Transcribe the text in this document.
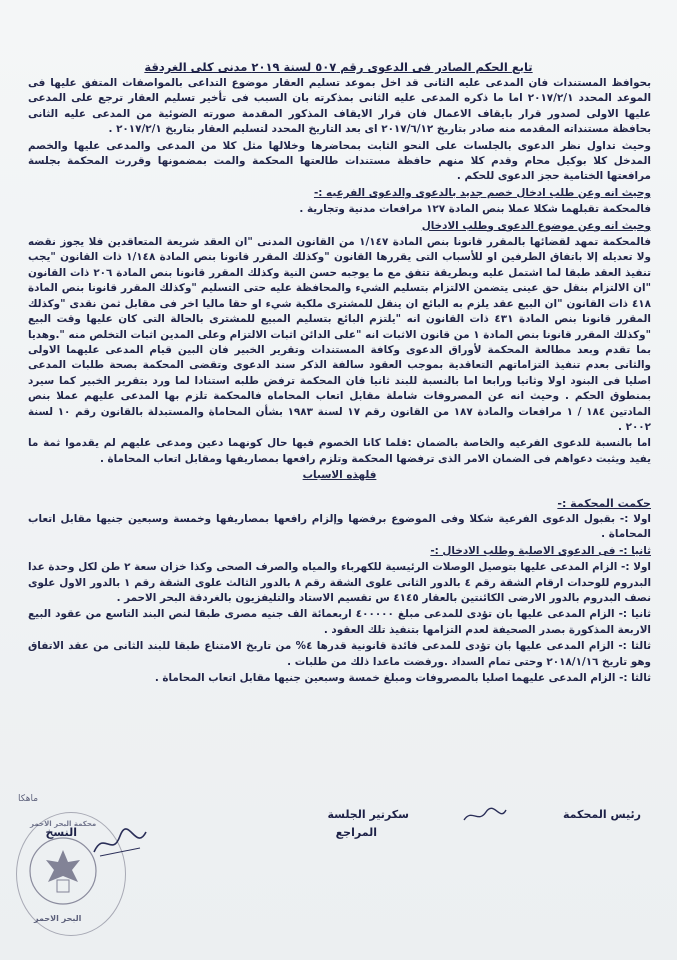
تابع الحكم الصادر فى الدعوى رقم ٥٠٧ لسنة ٢٠١٩ مدنى كلى الغردقة

بحوافظ المستندات فان المدعى عليه الثانى قد اخل بموعد تسليم العقار موضوع التداعى بالمواصفات المتفق عليها فى الموعد المحدد ٢٠١٧/٢/١ اما ما ذكره المدعى عليه الثانى بمذكرته بان السبب فى تأخير تسليم العقار ترجع على المدعى عليها الاولى لصدور قرار بايقاف الاعمال فان قرار الايقاف المذكور المقدمة صورته الضوئية من المدعى عليه الثانى بحافظة مستنداته المقدمه منه صادر بتاريخ ٢٠١٧/٦/١٢ اى بعد التاريخ المحدد لتسليم العقار بتاريخ ٢٠١٧/٢/١ .

وحيث تداول نظر الدعوى بالجلسات على النحو الثابت بمحاضرها وخلالها مثل كلا من المدعى والمدعى عليها والخصم المدخل كلا بوكيل محام وقدم كلا منهم حافظة مستندات طالعتها المحكمة والمت بمضمونها وقررت المحكمة بجلسة مرافعتها الختامية حجز الدعوى للحكم .

وحيث انه وعن طلب ادخال خصم جديد بالدعوى والدعوى الفرعيه :-

فالمحكمة تقبلهما شكلا عملا بنص المادة ١٢٧ مرافعات مدنية وتجارية .

وحيث انه وعن موضوع الدعوى وطلب الادخال

فالمحكمة تمهد لقضائها بالمقرر قانونا بنص المادة ١/١٤٧ من القانون المدنى "ان العقد شريعة المتعاقدين فلا يجوز نقضه ولا تعديله إلا باتفاق الطرفين او للأسباب التى يقررها القانون "وكذلك المقرر قانونا بنص المادة ١/١٤٨ ذات القانون "يجب تنفيذ العقد طبقا لما اشتمل عليه وبطريقة تتفق مع ما يوجبه حسن النية وكذلك المقرر قانونا بنص المادة ٢٠٦ ذات القانون "ان الالتزام بنقل حق عينى يتضمن الالتزام بتسليم الشيء والمحافظة عليه حتى التسليم "وكذلك المقرر قانونا بنص المادة ٤١٨ ذات القانون "ان البيع عقد يلزم به البائع ان ينقل للمشترى ملكية شيء او حقا ماليا اخر فى مقابل ثمن نقدى "وكذلك المقرر قانونا بنص المادة ٤٣١ ذات القانون انه "يلتزم البائع بتسليم المبيع للمشترى بالحالة التى كان عليها وقت البيع "وكذلك المقرر قانونا بنص المادة ١ من قانون الاثبات انه "على الدائن اثبات الالتزام وعلى المدين اثبات التخلص منه ".وهديا بما تقدم وبعد مطالعة المحكمة لأوراق الدعوى وكافة المستندات وتقرير الخبير فان البين قيام المدعى عليهما الاولى والثانى بعدم تنفيذ التزاماتهم التعاقدية بموجب العقود سالفة الذكر سند الدعوى وتقضى المحكمة بصحة طلبات المدعى اصليا فى البنود اولا وثانيا ورابعا اما بالنسبة للبند ثانيا فان المحكمة ترفض طلبه استنادا لما ورد بتقرير الخبير كما سيرد بمنطوق الحكم . وحيث انه عن المصروفات شاملة مقابل اتعاب المحاماه فالمحكمة تلزم بها المدعى عليهم عملا بنص المادتين ١٨٤ / ١ مرافعات والمادة ١٨٧ من القانون رقم ١٧ لسنة ١٩٨٣ بشأن المحاماة والمستبدلة بالقانون رقم ١٠ لسنة ٢٠٠٢ .

اما بالنسبة للدعوى الفرعيه والخاصة بالضمان :فلما كانا الخصوم فيها حال كونهما دعين ومدعى عليهم لم يقدموا ثمة ما يفيد ويثبت دعواهم فى الضمان الامر الذى ترفضها المحكمة وتلزم رافعها بمصاريفها ومقابل اتعاب المحاماة .

فلهذه الاسباب

حكمت المحكمة :-

اولا :- بقبول الدعوى الفرعية شكلا وفى الموضوع برفضها وإلزام رافعها بمصاريفها وخمسة وسبعين جنيها مقابل اتعاب المحاماة .

ثانيا :- فى الدعوى الاصلية وطلب الادخال :-

اولا :- الزام المدعى عليها بتوصيل الوصلات الرئيسية للكهرباء والمياه والصرف الصحى وكذا خزان سعة ٢ طن لكل وحدة عدا البدروم للوحدات ارقام الشقة رقم ٤ بالدور الثانى علوى الشقة رقم ٨ بالدور الثالث علوى الشقة رقم ١ بالدور الاول علوى نصف البدروم بالدور الارضى الكائنتين بالعقار ٤١٤٥ س تقسيم الاستاد والتليفزيون بالغردقة البحر الاحمر .

ثانيا :- الزام المدعى عليها بان تؤدى للمدعى مبلغ ٤٠٠٠٠٠ اربعمائة الف جنيه مصرى طبقا لنص البند التاسع من عقود البيع الاربعة المذكورة بصدر الصحيفة لعدم التزامها بتنفيذ تلك العقود .

ثالثا :- الزام المدعى عليها بان تؤدى للمدعى فائدة قانونية قدرها ٤% من تاريخ الامتناع طبقا للبند الثانى من عقد الاتفاق وهو تاريخ ٢٠١٨/١/١٦ وحتى تمام السداد .ورفضت ماعدا ذلك من طلبات .

ثالثا :- الزام المدعى عليهما اصليا بالمصروفات ومبلغ خمسة وسبعين جنيها مقابل اتعاب المحاماة .

رئيس المحكمة
سكرتير الجلسة
المراجع
النسخ
البحر الاحمر
محكمة البحر الاحمر
ماهكا
